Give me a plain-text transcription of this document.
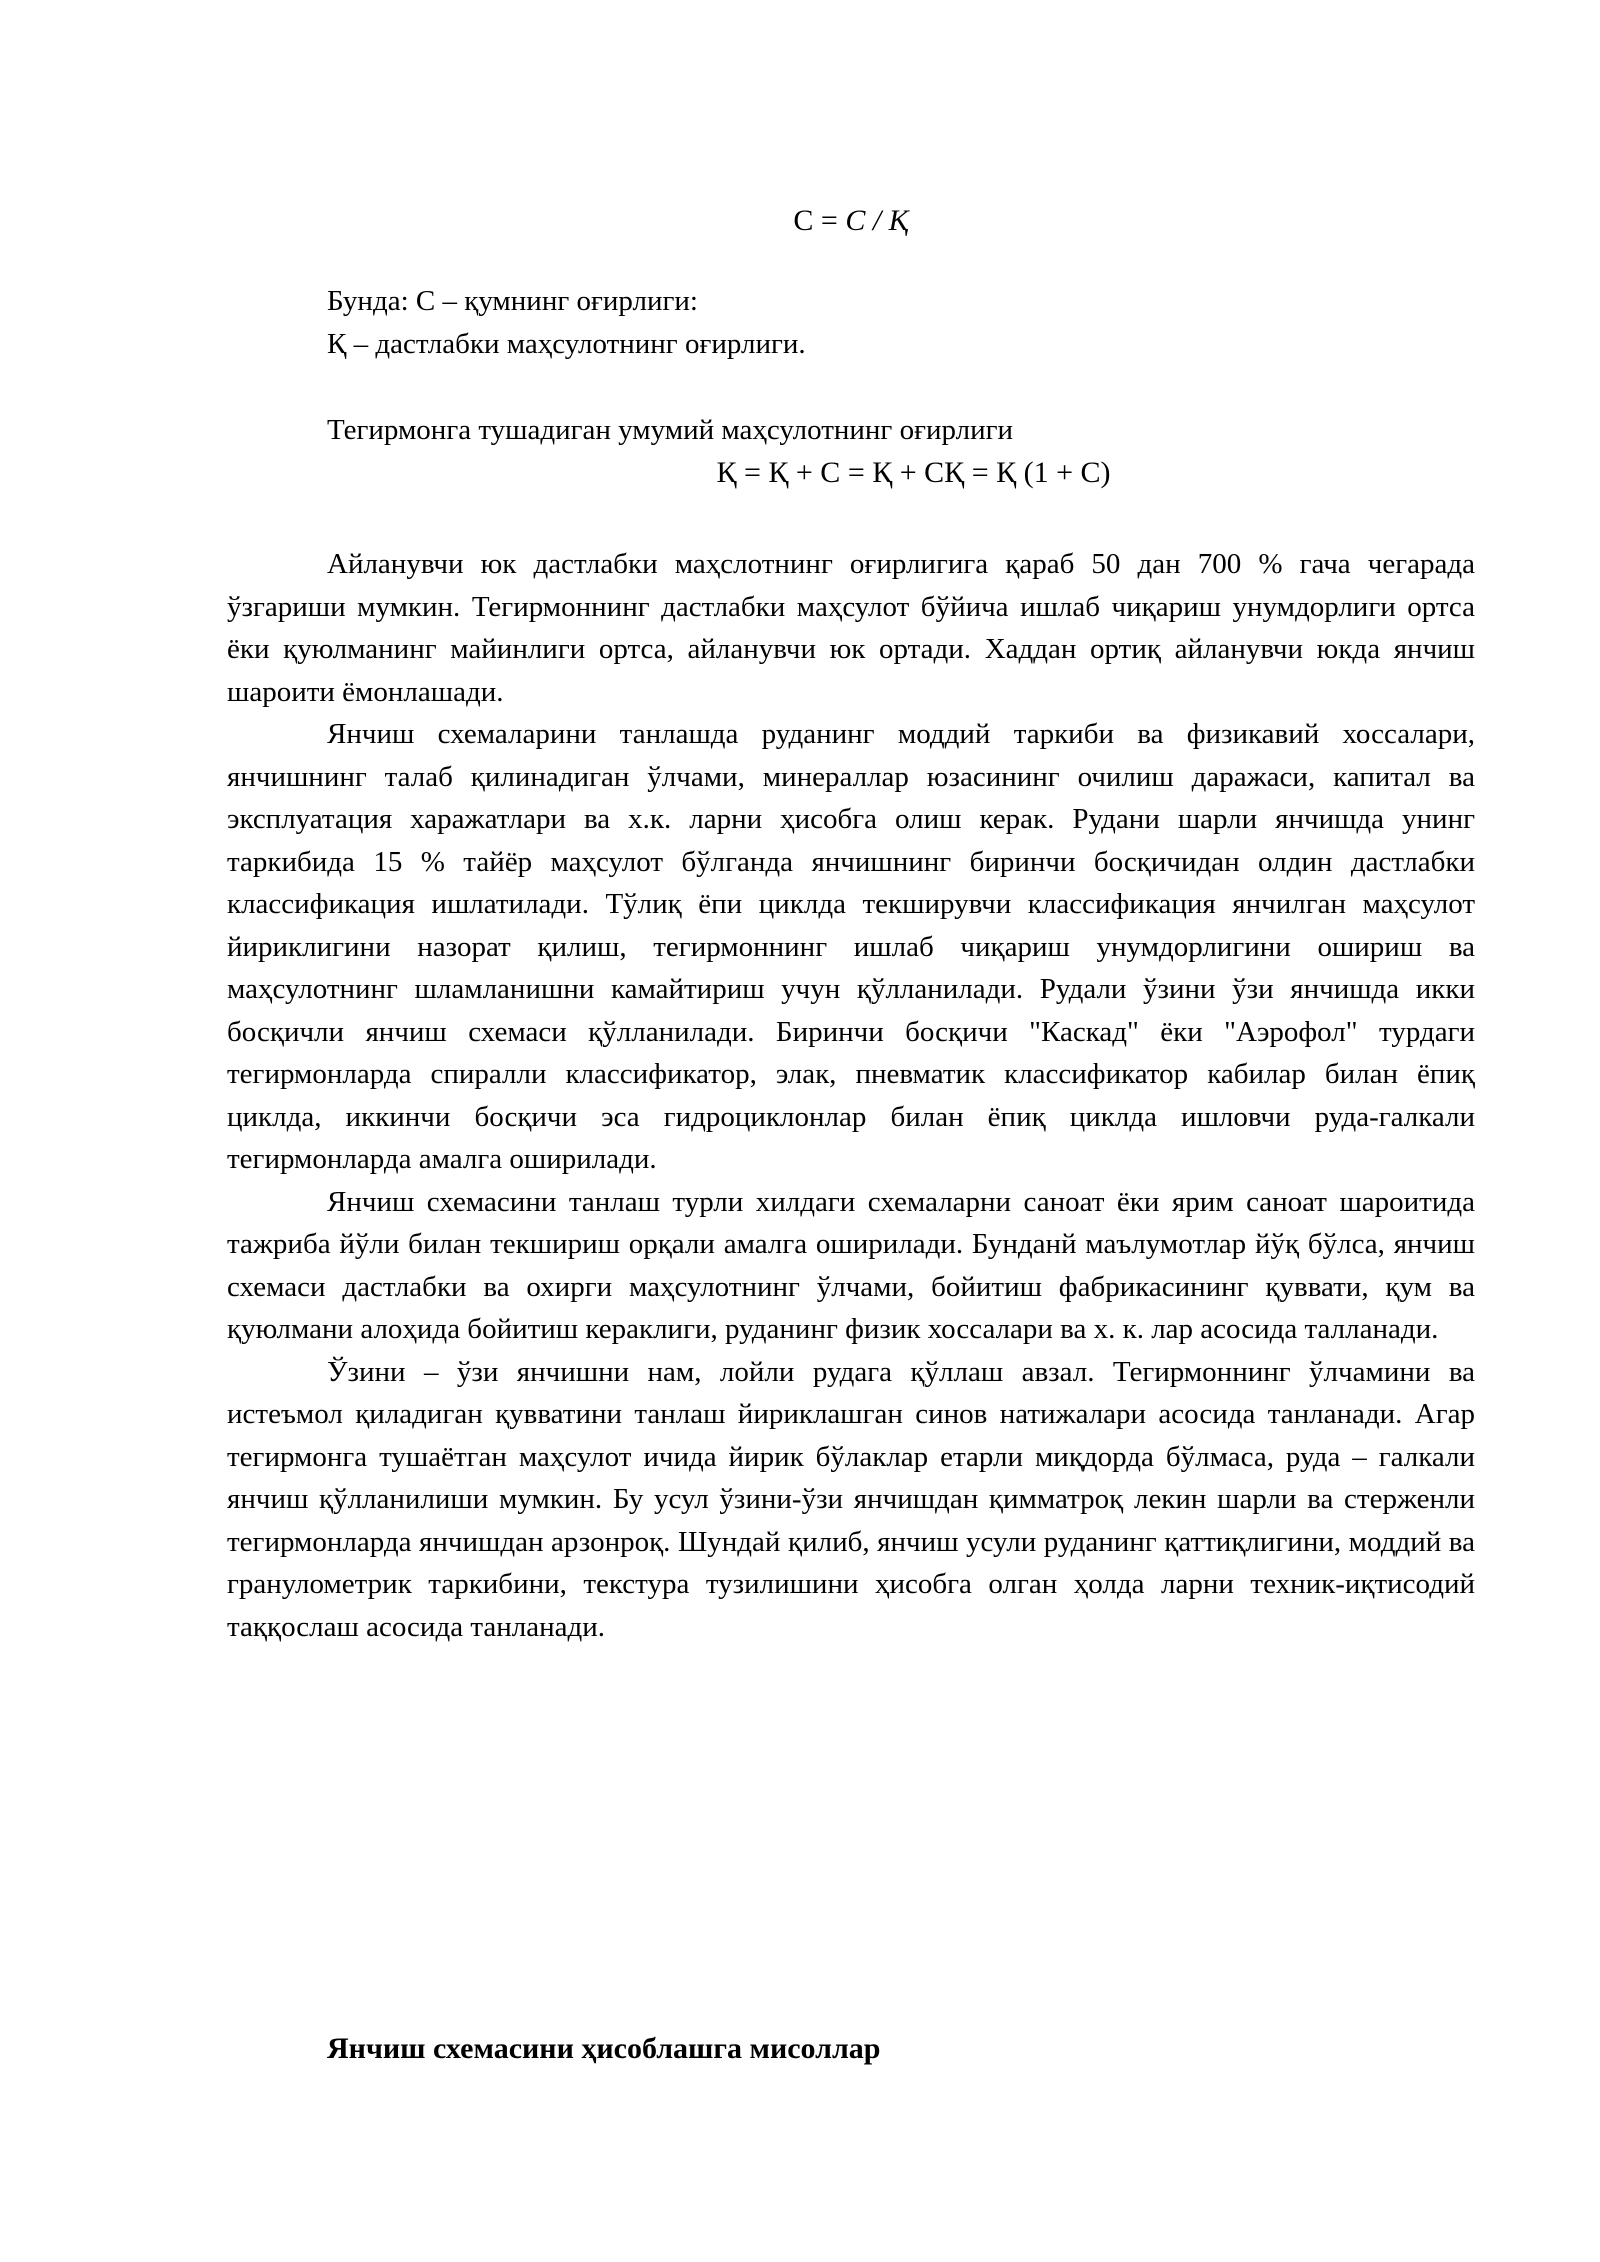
С = С / Қ
Бунда: С – қумнинг оғирлиги:
Қ – дастлабки маҳсулотнинг оғирлиги.
Тегирмонга тушадиган умумий маҳсулотнинг оғирлиги
Қ = Қ + С = Қ + СҚ = Қ (1 + С)

Айланувчи юк дастлабки маҳслотнинг оғирлигига қараб 50 дан 700 % гача чегарада ўзгариши мумкин. Тегирмоннинг дастлабки маҳсулот бўйича ишлаб чиқариш унумдорлиги ортса ёки қуюлманинг майинлиги ортса, айланувчи юк ортади. Хаддан ортиқ айланувчи юкда янчиш шароити ёмонлашади.

Янчиш схемаларини танлашда руданинг моддий таркиби ва физикавий хоссалари, янчишнинг талаб қилинадиган ўлчами, минераллар юзасининг очилиш даражаси, капитал ва эксплуатация харажатлари ва х.к. ларни ҳисобга олиш керак. Рудани шарли янчишда унинг таркибида 15 % тайёр маҳсулот бўлганда янчишнинг биринчи босқичидан олдин дастлабки классификация ишлатилади. Тўлиқ ёпи циклда текширувчи классификация янчилган маҳсулот йириклигини назорат қилиш, тегирмоннинг ишлаб чиқариш унумдорлигини ошириш ва маҳсулотнинг шламланишни камайтириш учун қўлланилади. Рудали ўзини ўзи янчишда икки босқичли янчиш схемаси қўлланилади. Биринчи босқичи "Каскад" ёки "Аэрофол" турдаги тегирмонларда спиралли классификатор, элак, пневматик классификатор кабилар билан ёпиқ циклда, иккинчи босқичи эса гидроциклонлар билан ёпиқ циклда ишловчи руда-галкали тегирмонларда амалга оширилади.

Янчиш схемасини танлаш турли хилдаги схемаларни саноат ёки ярим саноат шароитида тажриба йўли билан текшириш орқали амалга оширилади. Бунданй маълумотлар йўқ бўлса, янчиш схемаси дастлабки ва охирги маҳсулотнинг ўлчами, бойитиш фабрикасининг қуввати, қум ва қуюлмани алоҳида бойитиш кераклиги, руданинг физик хоссалари ва х. к. лар асосида талланади.

Ўзини – ўзи янчишни нам, лойли рудага қўллаш авзал. Тегирмоннинг ўлчамини ва истеъмол қиладиган қувватини танлаш йириклашган синов натижалари асосида танланади. Агар тегирмонга тушаётган маҳсулот ичида йирик бўлаклар етарли миқдорда бўлмаса, руда – галкали янчиш қўлланилиши мумкин. Бу усул ўзини-ўзи янчишдан қимматроқ лекин шарли ва стерженли тегирмонларда янчишдан арзонроқ. Шундай қилиб, янчиш усули руданинг қаттиқлигини, моддий ва гранулометрик таркибини, текстура тузилишини ҳисобга олган ҳолда ларни техник-иқтисодий таққослаш асосида танланади.

Янчиш схемасини ҳисоблашга мисоллар
